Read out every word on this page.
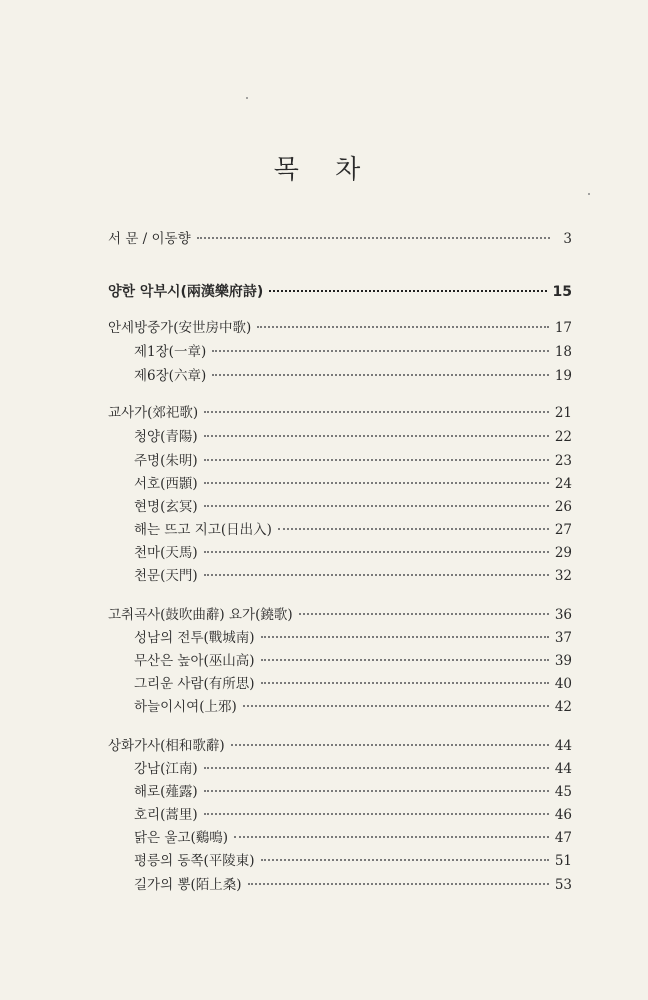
목 차
서 문 / 이동향	3
양한 악부시(兩漢樂府詩)	15
안세방중가(安世房中歌)	17
제1장(一章)	18
제6장(六章)	19
교사가(郊祀歌)	21
청양(青陽)	22
주명(朱明)	23
서호(西顥)	24
현명(玄冥)	26
해는 뜨고 지고(日出入)	27
천마(天馬)	29
천문(天門)	32
고취곡사(鼓吹曲辭) 요가(鐃歌)	36
성남의 전투(戰城南)	37
무산은 높아(巫山高)	39
그리운 사람(有所思)	40
하늘이시여(上邪)	42
상화가사(相和歌辭)	44
강남(江南)	44
해로(薤露)	45
호리(蒿里)	46
닭은 울고(鷄鳴)	47
평릉의 동쪽(平陵東)	51
길가의 뽕(陌上桑)	53
